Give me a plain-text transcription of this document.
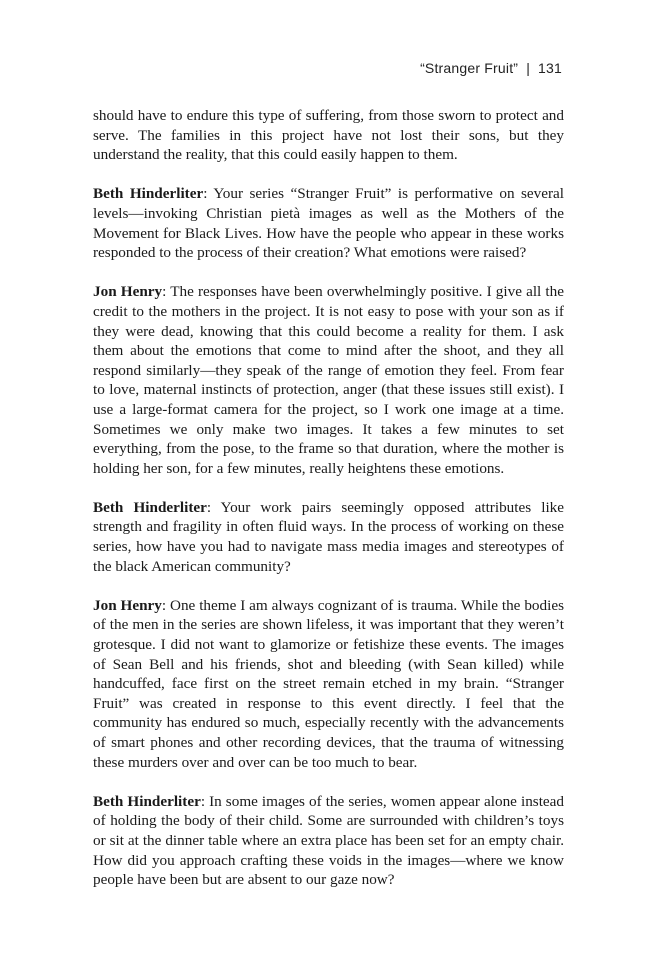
“Stranger Fruit” | 131

should have to endure this type of suffering, from those sworn to protect and serve. The families in this project have not lost their sons, but they understand the reality, that this could easily happen to them.

Beth Hinderliter: Your series “Stranger Fruit” is performative on several levels—invoking Christian pietà images as well as the Mothers of the Movement for Black Lives. How have the people who appear in these works responded to the process of their creation? What emotions were raised?

Jon Henry: The responses have been overwhelmingly positive. I give all the credit to the mothers in the project. It is not easy to pose with your son as if they were dead, knowing that this could become a reality for them. I ask them about the emotions that come to mind after the shoot, and they all respond similarly—they speak of the range of emotion they feel. From fear to love, maternal instincts of protection, anger (that these issues still exist). I use a large-format camera for the project, so I work one image at a time. Sometimes we only make two images. It takes a few minutes to set everything, from the pose, to the frame so that duration, where the mother is holding her son, for a few minutes, really heightens these emotions.

Beth Hinderliter: Your work pairs seemingly opposed attributes like strength and fragility in often fluid ways. In the process of working on these series, how have you had to navigate mass media images and stereotypes of the black American community?

Jon Henry: One theme I am always cognizant of is trauma. While the bodies of the men in the series are shown lifeless, it was important that they weren’t grotesque. I did not want to glamorize or fetishize these events. The images of Sean Bell and his friends, shot and bleeding (with Sean killed) while handcuffed, face first on the street remain etched in my brain. “Stranger Fruit” was created in response to this event directly. I feel that the community has endured so much, especially recently with the advancements of smart phones and other recording devices, that the trauma of witnessing these murders over and over can be too much to bear.

Beth Hinderliter: In some images of the series, women appear alone instead of holding the body of their child. Some are surrounded with children’s toys or sit at the dinner table where an extra place has been set for an empty chair. How did you approach crafting these voids in the images—where we know people have been but are absent to our gaze now?
